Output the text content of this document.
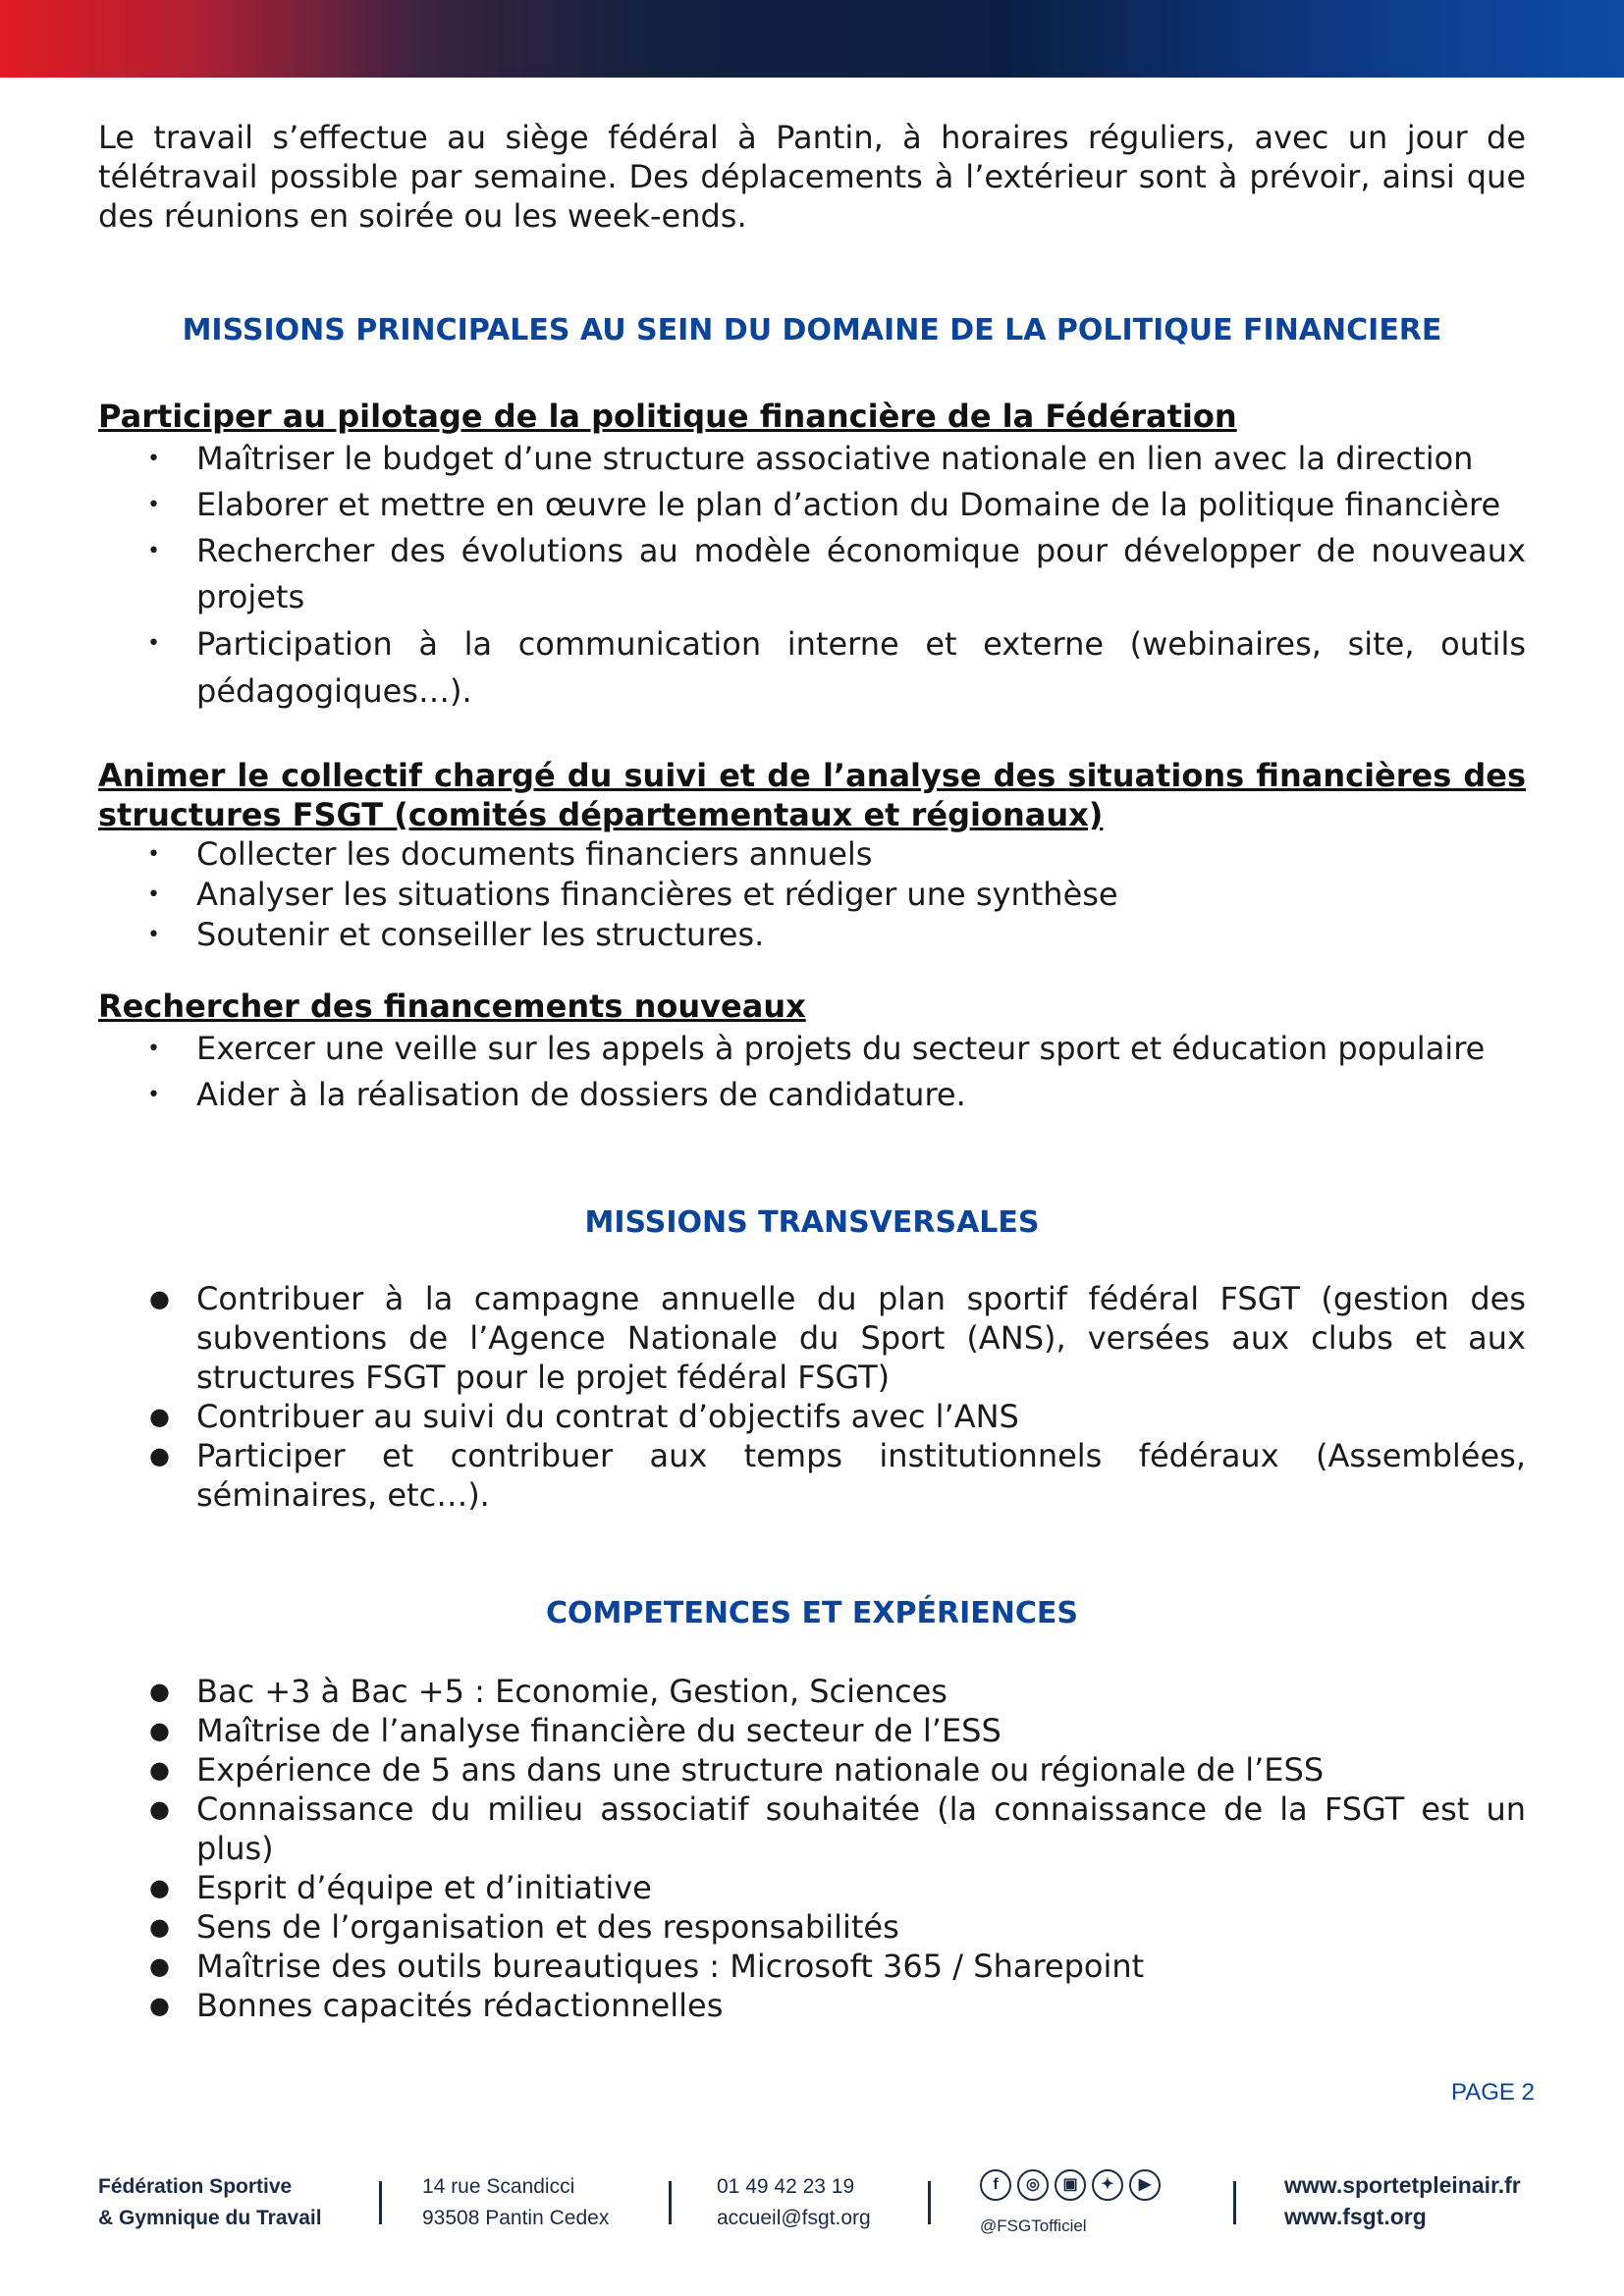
Le travail s’effectue au siège fédéral à Pantin, à horaires réguliers, avec un jour de télétravail possible par semaine. Des déplacements à l’extérieur sont à prévoir, ainsi que des réunions en soirée ou les week-ends.

MISSIONS PRINCIPALES AU SEIN DU DOMAINE DE LA POLITIQUE FINANCIERE
Participer au pilotage de la politique financière de la Fédération
• Maîtriser le budget d’une structure associative nationale en lien avec la direction
• Elaborer et mettre en œuvre le plan d’action du Domaine de la politique financière
• Rechercher des évolutions au modèle économique pour développer de nouveaux projets
• Participation à la communication interne et externe (webinaires, site, outils pédagogiques…).
Animer le collectif chargé du suivi et de l’analyse des situations financières des structures FSGT (comités départementaux et régionaux)
• Collecter les documents financiers annuels
• Analyser les situations financières et rédiger une synthèse
• Soutenir et conseiller les structures.
Rechercher des financements nouveaux
• Exercer une veille sur les appels à projets du secteur sport et éducation populaire
• Aider à la réalisation de dossiers de candidature.
MISSIONS TRANSVERSALES
● Contribuer à la campagne annuelle du plan sportif fédéral FSGT (gestion des subventions de l’Agence Nationale du Sport (ANS), versées aux clubs et aux structures FSGT pour le projet fédéral FSGT)
● Contribuer au suivi du contrat d’objectifs avec l’ANS
● Participer et contribuer aux temps institutionnels fédéraux (Assemblées, séminaires, etc…).
COMPETENCES ET EXPÉRIENCES
● Bac +3 à Bac +5 : Economie, Gestion, Sciences
● Maîtrise de l’analyse financière du secteur de l’ESS
● Expérience de 5 ans dans une structure nationale ou régionale de l’ESS
● Connaissance du milieu associatif souhaitée (la connaissance de la FSGT est un plus)
● Esprit d’équipe et d’initiative
● Sens de l’organisation et des responsabilités
● Maîtrise des outils bureautiques : Microsoft 365 / Sharepoint
● Bonnes capacités rédactionnelles
PAGE 2
Fédération Sportive
& Gymnique du Travail
14 rue Scandicci
93508 Pantin Cedex
01 49 42 23 19
accueil@fsgt.org
f	◎	▣	✦	▶
@FSGTofficiel
www.sportetpleinair.fr
www.fsgt.org
